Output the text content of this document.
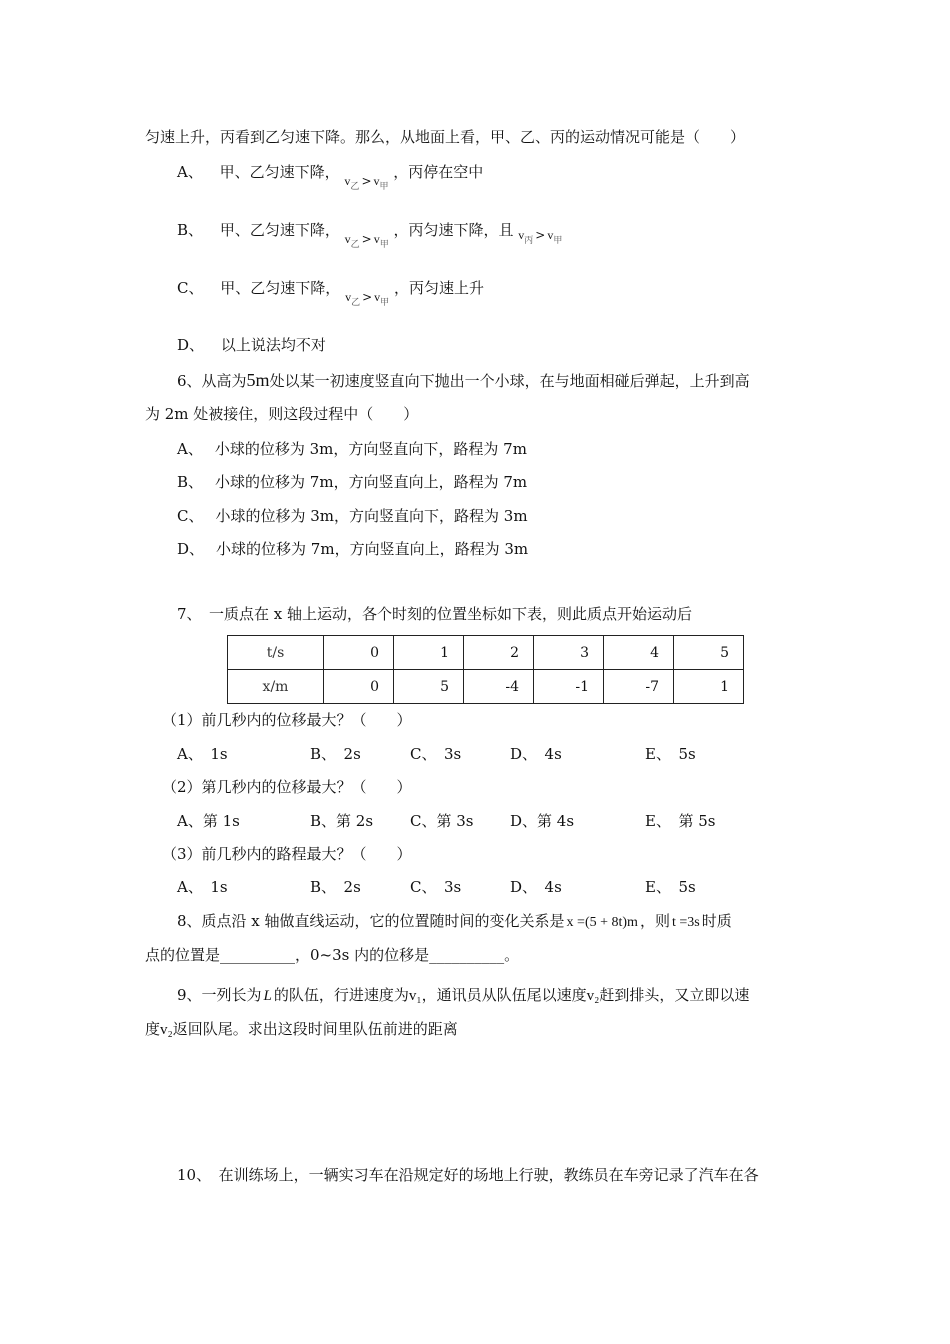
匀速上升，丙看到乙匀速下降。那么，从地面上看，甲、乙、丙的运动情况可能是（　　）
A、 甲、乙匀速下降， $v_乙 > v_甲$ ，丙停在空中
B、 甲、乙匀速下降， $v_乙 > v_甲$ ，丙匀速下降，且 $v_丙 > v_甲$
C、 甲、乙匀速下降， $v_乙 > v_甲$ ，丙匀速上升
D、 以上说法均不对
6、从高为5m处以某一初速度竖直向下抛出一个小球，在与地面相碰后弹起，上升到高
为 2m 处被接住，则这段过程中（　　）
A、 小球的位移为 3m，方向竖直向下，路程为 7m
B、 小球的位移为 7m，方向竖直向上，路程为 7m
C、 小球的位移为 3m，方向竖直向下，路程为 3m
D、 小球的位移为 7m，方向竖直向上，路程为 3m
7、　一质点在 x 轴上运动，各个时刻的位置坐标如下表，则此质点开始运动后
t/s	0	1	2	3	4	5
x/m	0	5	-4	-1	-7	1
（1）前几秒内的位移最大？（　　）
A、　1s	B、　2s	C、　3s	D、　4s	E、　5s
（2）第几秒内的位移最大？（　　）
A、第 1s	B、第 2s C、第 3s D、第 4s	E、　第 5s
（3）前几秒内的路程最大？（　　）
A、　1s	B、　2s	C、　3s	D、　4s	E、　5s
8、质点沿 x 轴做直线运动，它的位置随时间的变化关系是 x =(5 + 8t)m ，则 t =3s 时质
点的位置是__________，0~3s 内的位移是__________。
9、一列长为 L 的队伍，行进速度为v₁，通讯员从队伍尾以速度v₂赶到排头，又立即以速
度v₂返回队尾。求出这段时间里队伍前进的距离
10、　在训练场上，一辆实习车在沿规定好的场地上行驶，教练员在车旁记录了汽车在各
